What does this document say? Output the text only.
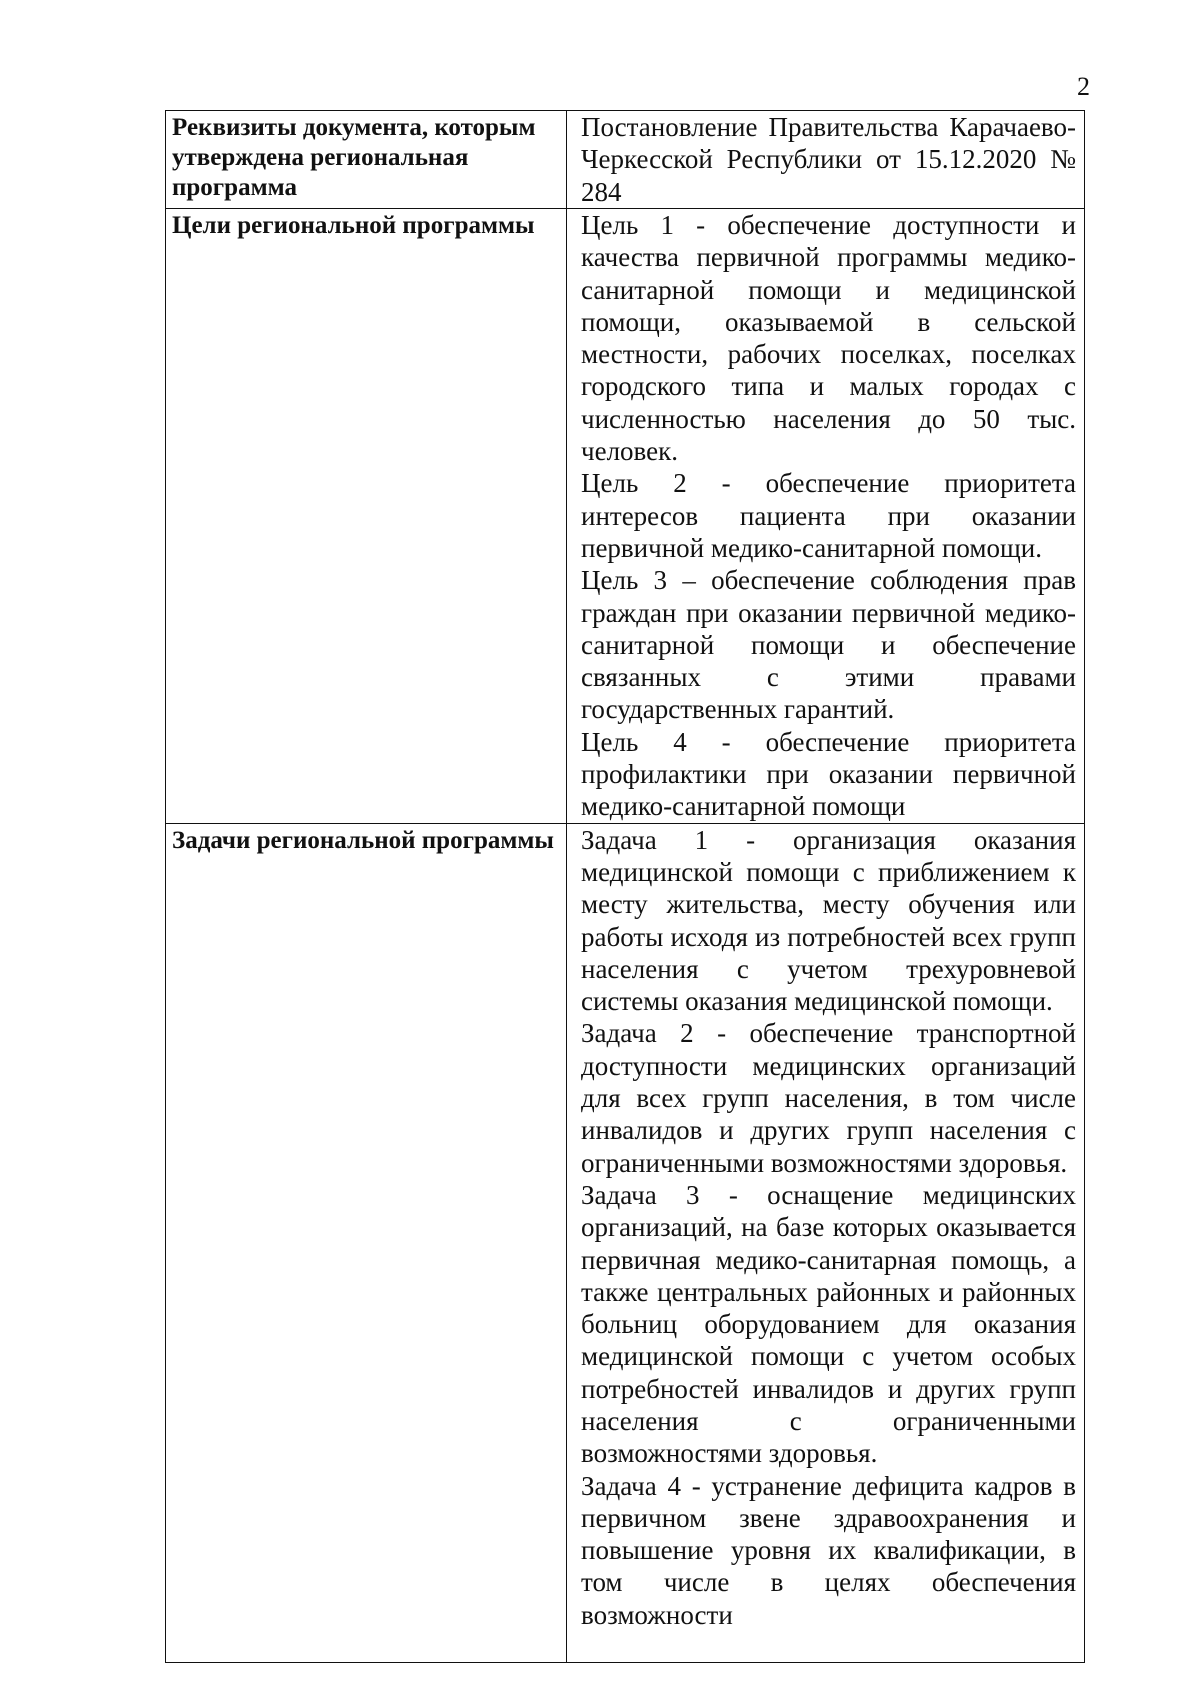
2
Реквизиты документа, которым утверждена региональная программа	Постановление Правительства Карачаево-Черкесской Республики от 15.12.2020 № 284

Цели региональной программы	Цель 1 - обеспечение доступности и качества первичной программы медико-санитарной помощи и медицинской помощи, оказываемой в сельской местности, рабочих поселках, поселках городского типа и малых городах с численностью населения до 50 тыс. человек.

Цель 2 - обеспечение приоритета интересов пациента при оказании первичной медико-санитарной помощи.

Цель 3 – обеспечение соблюдения прав граждан при оказании первичной медико-санитарной помощи и обеспечение связанных с этими правами государственных гарантий.

Цель 4 - обеспечение приоритета профилактики при оказании первичной медико-санитарной помощи

Задачи региональной программы	Задача 1 - организация оказания медицинской помощи с приближением к месту жительства, месту обучения или работы исходя из потребностей всех групп населения с учетом трехуровневой системы оказания медицинской помощи.

Задача 2 - обеспечение транспортной доступности медицинских организаций для всех групп населения, в том числе инвалидов и других групп населения с ограниченными возможностями здоровья.

Задача 3 - оснащение медицинских организаций, на базе которых оказывается первичная медико-санитарная помощь, а также центральных районных и районных больниц оборудованием для оказания медицинской помощи с учетом особых потребностей инвалидов и других групп населения с ограниченными возможностями здоровья.

Задача 4 - устранение дефицита кадров в первичном звене здравоохранения и повышение уровня их квалификации, в том числе в целях обеспечения возможности
